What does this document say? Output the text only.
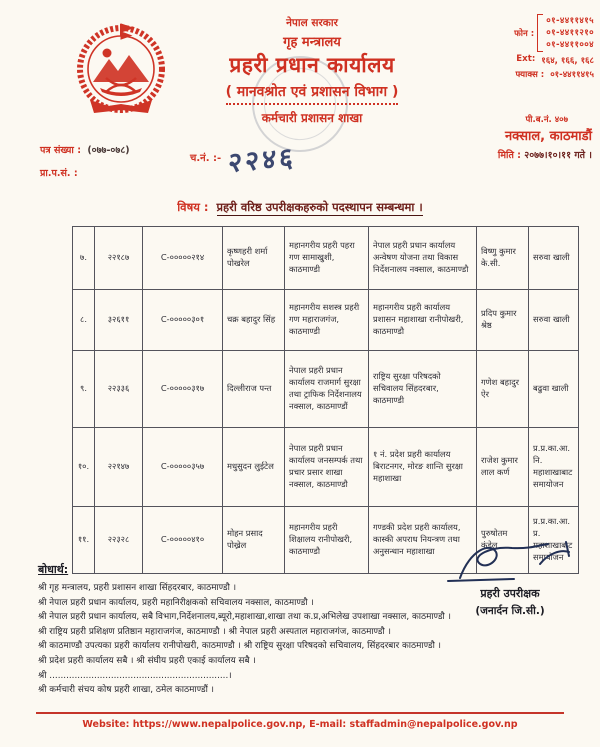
नेपाल सरकार
गृह मन्त्रालय
प्रहरी प्रधान कार्यालय
( मानवश्रोत एवं प्रशासन विभाग )
कर्मचारी प्रशासन शाखा
फोन :
०१-४४११४१५
०१-४४११२१०
०१-४४११००४
Ext: १६४, १६६, १६८
फ्याक्स : ०१-४४११४१५
पी.ब.नं. ४०७
नक्साल, काठमाडौं
मिति : २०७७।१०।११ गते ।
पत्र संख्या : (०७७-०७८)
प्रा.प.सं. :
$^{च.नं. :-}$ २२४६
विषय : प्रहरी वरिष्ठ उपरीक्षकहरुको पदस्थापन सम्बन्धमा ।
७.	२२१८७	C-०००००२१४	कृष्णहरी शर्मा पोखरेल	महानगरीय प्रहरी पहरा गण सामाखुशी, काठमाण्डी	नेपाल प्रहरी प्रधान कार्यालय अन्वेषण योजना तथा विकास निर्देशनालय नक्साल, काठमाण्डौ	विष्णु कुमार के.सी.	सरुवा खाली
८.	३२६११	C-०००००३०१	चक्र बहादुर सिंह	महानगरीय सशस्त्र प्रहरी गण महाराजगंज, काठमाण्डी	महानगरीय प्रहरी कार्यालय प्रशासन महाशाखा रानीपोखरी, काठमाण्डौ	प्रदिप कुमार श्रेष्ठ	सरुवा खाली
९.	२२३३६	C-०००००३१७	दिल्लीराज पन्त	नेपाल प्रहरी प्रधान कार्यालय राजमार्ग सुरक्षा तथा ट्राफिक निर्देशनालय नक्साल, काठमाण्डौं	राष्ट्रिय सुरक्षा परिषदको सचिवालय सिंहदरबार, काठमाण्डी	गणेश बहादुर ऐर	बढुवा खाली
१०.	२२१४७	C-०००००३५७	मधुसुदन लुईटेल	नेपाल प्रहरी प्रधान कार्यालय जनसम्पर्क तथा प्रचार प्रसार शाखा नक्साल, काठमाण्डौ	१ नं. प्रदेश प्रहरी कार्यालय बिराटनगर, मोरङ शान्ति सुरक्षा महाशाखा	राजेश कुमार लाल कर्ण	प्र.प्र.का.आ.नि. महाशाखाबाट समायोजन
११.	२२३२८	C-०००००४१०	मोहन प्रसाद पोख्रेल	महानगरीय प्रहरी शिक्षालय रानीपोखरी, काठमाण्डौ	गण्डकी प्रदेश प्रहरी कार्यालय, कास्की अपराध नियन्त्रण तथा अनुसन्धान महाशाखा	पुरुषोतम कंडेल	प्र.प्र.का.आ.प्र. महाशाखाबाट समायोजन
प्रहरी उपरीक्षक
(जनार्दन जि.सी.)
बोधार्थ:
श्री गृह मन्त्रालय, प्रहरी प्रशासन शाखा सिंहदरबार, काठमाण्डौ ।
श्री नेपाल प्रहरी प्रधान कार्यालय, प्रहरी महानिरीक्षकको सचिवालय नक्साल, काठमाण्डौ ।
श्री नेपाल प्रहरी प्रधान कार्यालय, सबै विभाग,निर्देशनालय,ब्यूरो,महाशाखा,शाखा तथा क.प्र,अभिलेख उपशाखा नक्साल, काठमाण्डौ ।
श्री राष्ट्रिय प्रहरी प्रशिक्षण प्रतिष्ठान महाराजगंज, काठमाण्डौ । श्री नेपाल प्रहरी अस्पताल महाराजगंज, काठमाण्डौ ।
श्री काठमाण्डौ उपत्यका प्रहरी कार्यालय रानीपोखरी, काठमाण्डौ । श्री राष्ट्रिय सुरक्षा परिषदको सचिवालय, सिंहदरबार काठमाण्डौ ।
श्री प्रदेश प्रहरी कार्यालय सबै । श्री संघीय प्रहरी एकाई कार्यालय सबै ।
श्री ................................................................।
श्री कर्मचारी संचय कोष प्रहरी शाखा, ठमेल काठमाण्डौं ।
Website: https://www.nepalpolice.gov.np, E-mail: staffadmin@nepalpolice.gov.np
